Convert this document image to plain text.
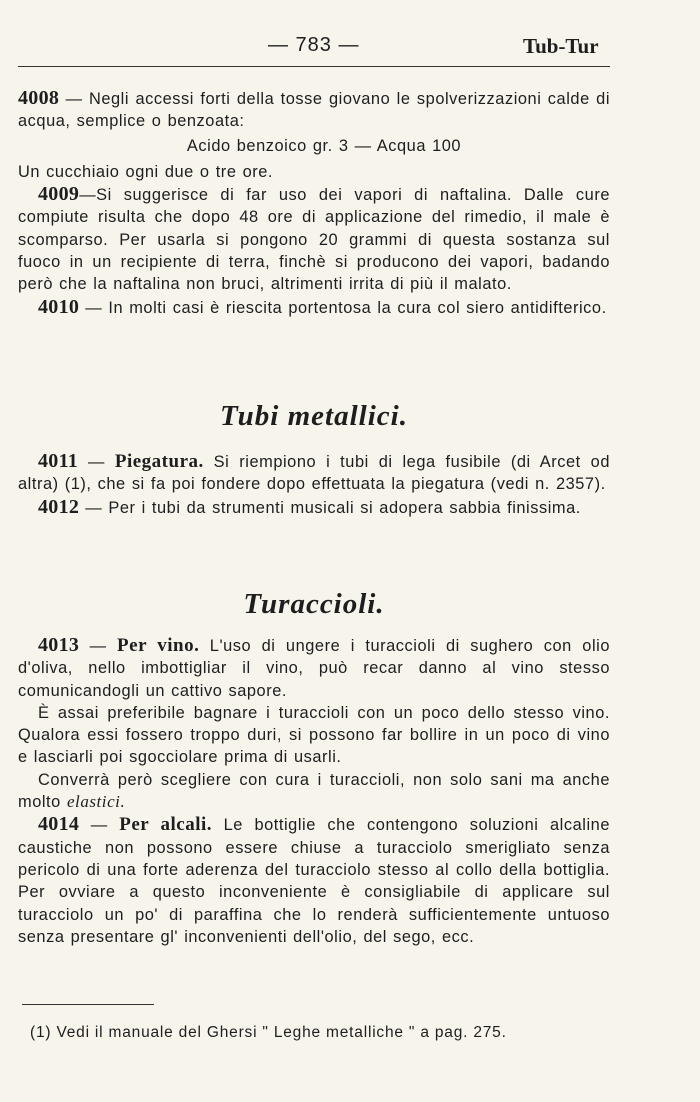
— 783 —	Tub-Tur

4008 — Negli accessi forti della tosse giovano le spolverizzazioni calde di acqua, semplice o benzoata:

Acido benzoico gr. 3 — Acqua 100

Un cucchiaio ogni due o tre ore.

4009—Si suggerisce di far uso dei vapori di naftalina. Dalle cure compiute risulta che dopo 48 ore di applicazione del rimedio, il male è scomparso. Per usarla si pongono 20 grammi di questa sostanza sul fuoco in un recipiente di terra, finchè si producono dei vapori, badando però che la naftalina non bruci, altrimenti irrita di più il malato.

4010 — In molti casi è riescita portentosa la cura col siero antidifterico.

Tubi metallici.

4011 — Piegatura. Si riempiono i tubi di lega fusibile (di Arcet od altra) (1), che si fa poi fondere dopo effettuata la piegatura (vedi n. 2357).

4012 — Per i tubi da strumenti musicali si adopera sabbia finissima.

Turaccioli.

4013 — Per vino. L'uso di ungere i turaccioli di sughero con olio d'oliva, nello imbottigliar il vino, può recar danno al vino stesso comunicandogli un cattivo sapore.

È assai preferibile bagnare i turaccioli con un poco dello stesso vino. Qualora essi fossero troppo duri, si possono far bollire in un poco di vino e lasciarli poi sgocciolare prima di usarli.

Converrà però scegliere con cura i turaccioli, non solo sani ma anche molto elastici.

4014 — Per alcali. Le bottiglie che contengono soluzioni alcaline caustiche non possono essere chiuse a turacciolo smerigliato senza pericolo di una forte aderenza del turacciolo stesso al collo della bottiglia. Per ovviare a questo inconveniente è consigliabile di applicare sul turacciolo un po' di paraffina che lo renderà sufficientemente untuoso senza presentare gl' inconvenienti dell'olio, del sego, ecc.

(1) Vedi il manuale del Ghersi " Leghe metalliche " a pag. 275.
